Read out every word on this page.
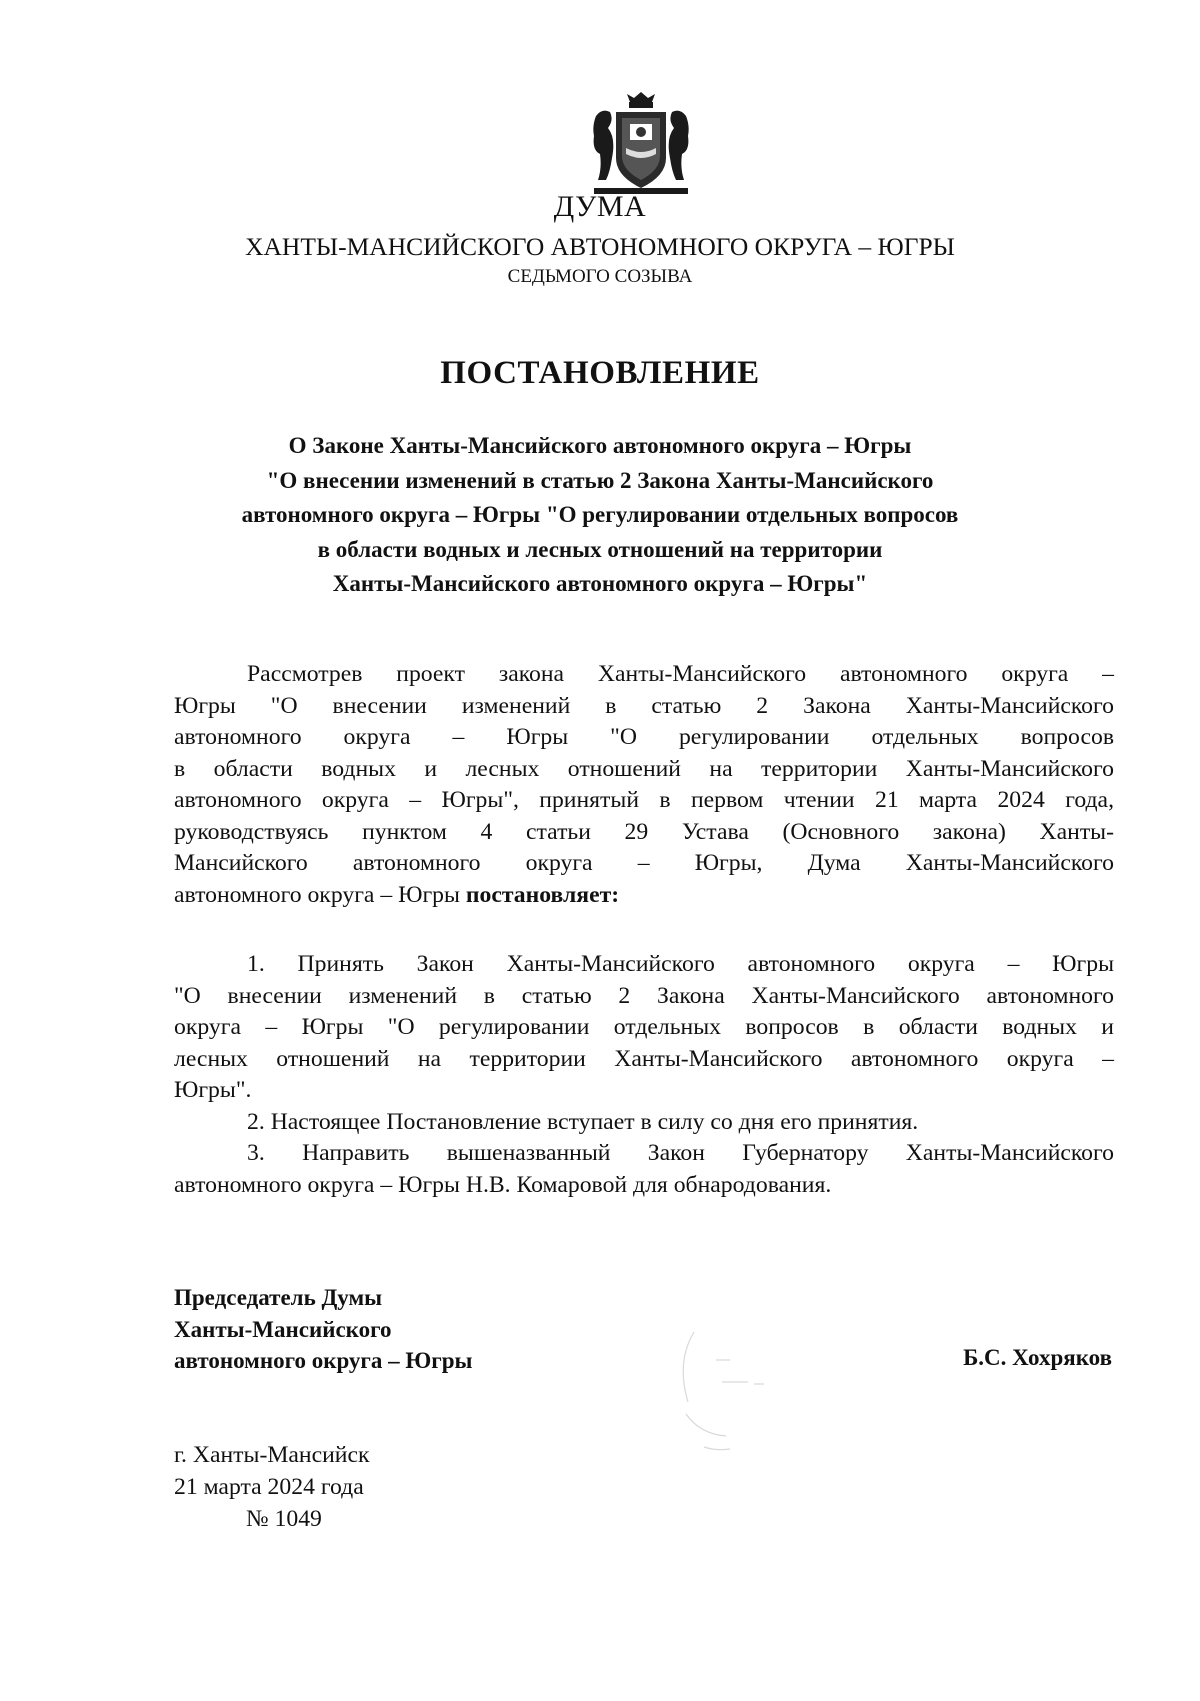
ДУМА
ХАНТЫ-МАНСИЙСКОГО АВТОНОМНОГО ОКРУГА – ЮГРЫ
СЕДЬМОГО СОЗЫВА
ПОСТАНОВЛЕНИЕ
О Законе Ханты-Мансийского автономного округа – Югры
"О внесении изменений в статью 2 Закона Ханты-Мансийского
автономного округа – Югры "О регулировании отдельных вопросов
в области водных и лесных отношений на территории
Ханты-Мансийского автономного округа – Югры"
Рассмотрев проект закона Ханты-Мансийского автономного округа –
Югры "О внесении изменений в статью 2 Закона Ханты-Мансийского
автономного округа – Югры "О регулировании отдельных вопросов
в области водных и лесных отношений на территории Ханты-Мансийского
автономного округа – Югры", принятый в первом чтении 21 марта 2024 года,
руководствуясь пунктом 4 статьи 29 Устава (Основного закона) Ханты-
Мансийского автономного округа – Югры, Дума Ханты-Мансийского
автономного округа – Югры постановляет:
1. Принять Закон Ханты-Мансийского автономного округа – Югры
"О внесении изменений в статью 2 Закона Ханты-Мансийского автономного
округа – Югры "О регулировании отдельных вопросов в области водных и
лесных отношений на территории Ханты-Мансийского автономного округа –
Югры".
2. Настоящее Постановление вступает в силу со дня его принятия.
3. Направить вышеназванный Закон Губернатору Ханты-Мансийского
автономного округа – Югры Н.В. Комаровой для обнародования.
Председатель Думы
Ханты-Мансийского
автономного округа – Югры	Б.С. Хохряков
г. Ханты-Мансийск
21 марта 2024 года
№ 1049
